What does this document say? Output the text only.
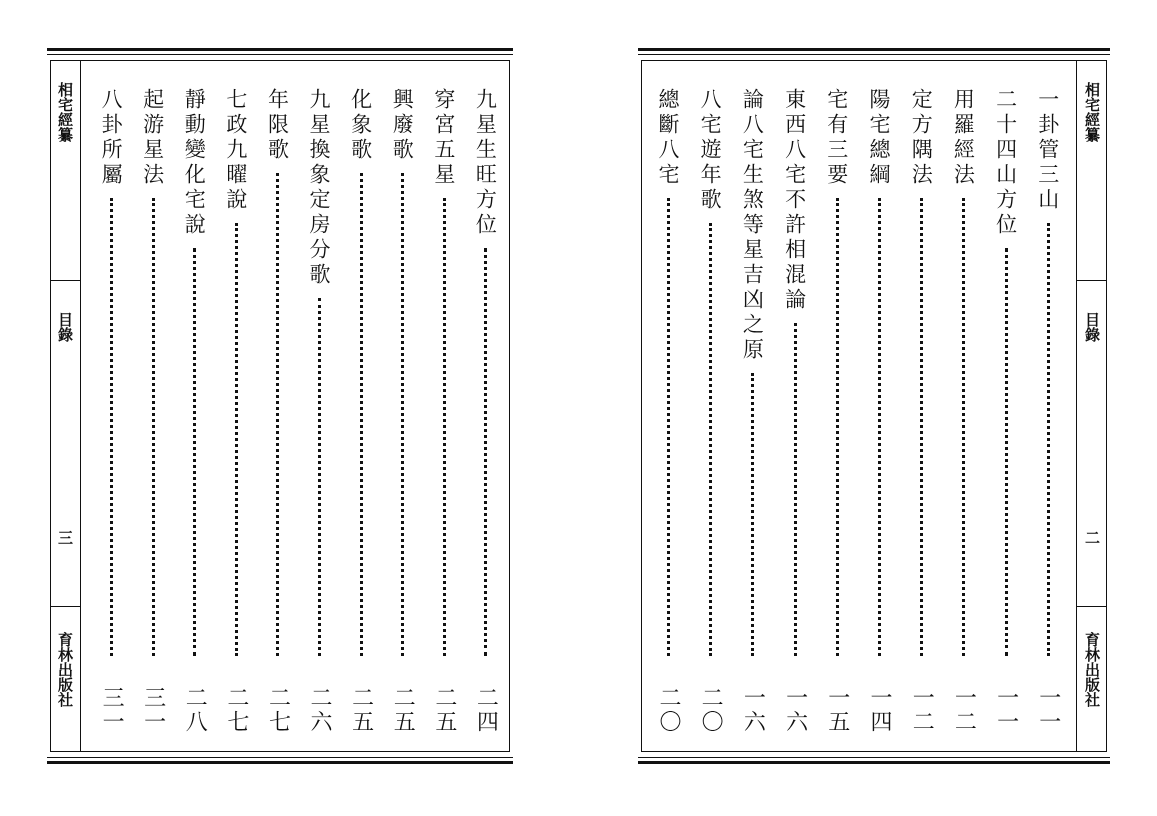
相宅經纂
目錄
三
育林出版社
九星生旺方位
二四
穿宮五星
二五
興廢歌
二五
化象歌
二五
九星換象定房分歌
二六
年限歌
二七
七政九曜說
二七
靜動變化宅說
二八
起游星法
三一
八卦所屬
三一
相宅經纂
目錄
二
育林出版社
一卦管三山
一一
二十四山方位
一一
用羅經法
一二
定方隅法
一二
陽宅總綱
一四
宅有三要
一五
東西八宅不許相混論
一六
論八宅生煞等星吉凶之原
一六
八宅遊年歌
二〇
總斷八宅
二〇
